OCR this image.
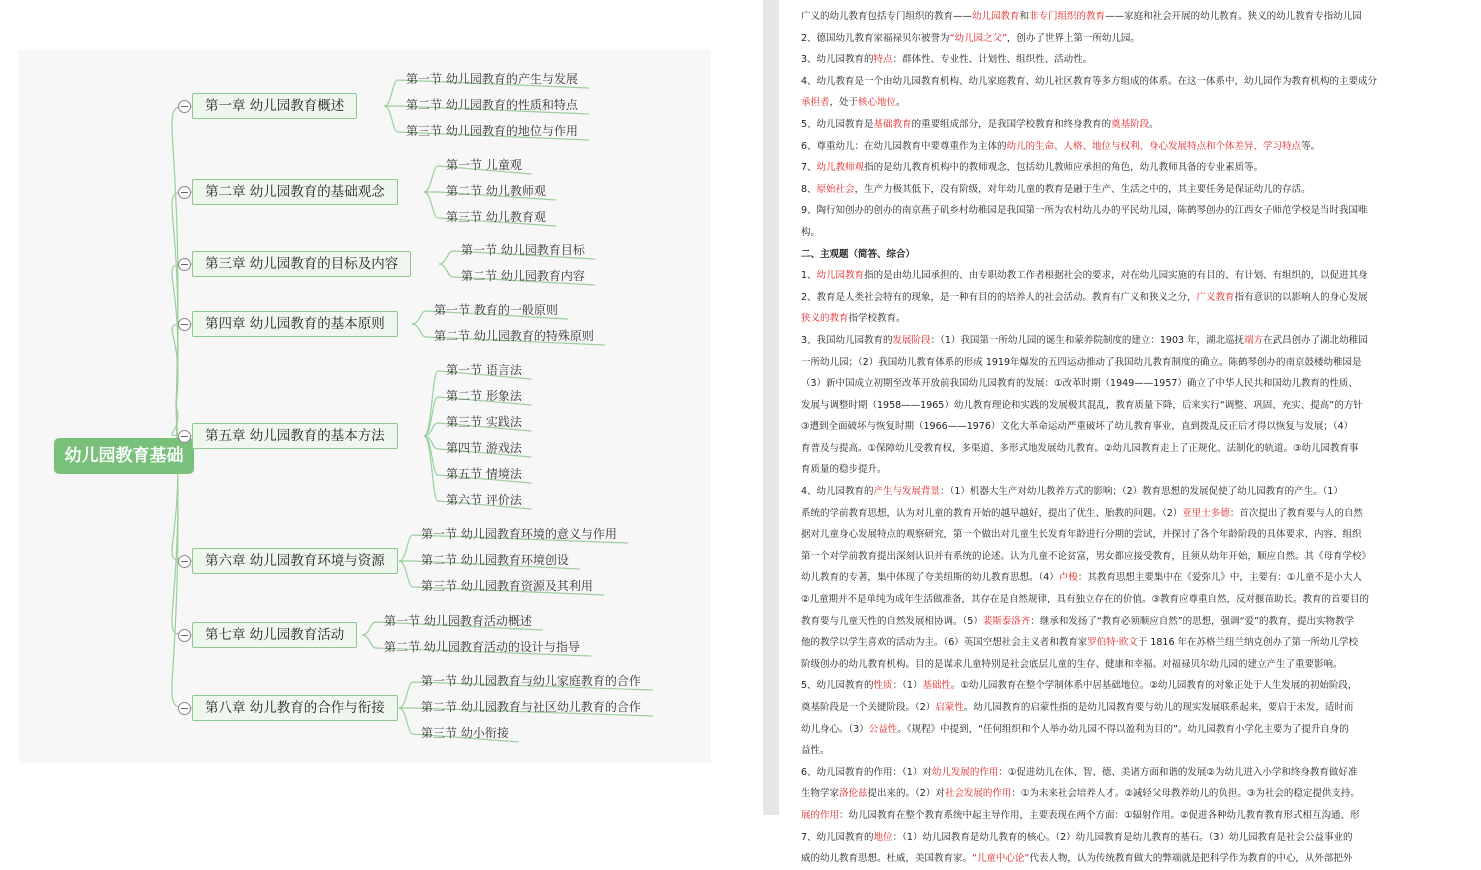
幼儿园教育基础
第一章 幼儿园教育概述
第一节 幼儿园教育的产生与发展
第二节 幼儿园教育的性质和特点
第三节 幼儿园教育的地位与作用
第二章 幼儿园教育的基础观念
第一节 儿童观
第二节 幼儿教师观
第三节 幼儿教育观
第三章 幼儿园教育的目标及内容
第一节 幼儿园教育目标
第二节 幼儿园教育内容
第四章 幼儿园教育的基本原则
第一节 教育的一般原则
第二节 幼儿园教育的特殊原则
第五章 幼儿园教育的基本方法
第一节 语言法
第二节 形象法
第三节 实践法
第四节 游戏法
第五节 情境法
第六节 评价法
第六章 幼儿园教育环境与资源
第一节 幼儿园教育环境的意义与作用
第二节 幼儿园教育环境创设
第三节 幼儿园教育资源及其利用
第七章 幼儿园教育活动
第一节 幼儿园教育活动概述
第二节 幼儿园教育活动的设计与指导
第八章 幼儿教育的合作与衔接
第一节 幼儿园教育与幼儿家庭教育的合作
第二节 幼儿园教育与社区幼儿教育的合作
第三节 幼小衔接

广义的幼儿教育包括专门组织的教育——幼儿园教育和非专门组织的教育——家庭和社会开展的幼儿教育。狭义的幼儿教育专指幼儿园

2、德国幼儿教育家福禄贝尔被誉为“幼儿园之父”，创办了世界上第一所幼儿园。

3、幼儿园教育的特点：群体性、专业性、计划性、组织性、活动性。

4、幼儿教育是一个由幼儿园教育机构、幼儿家庭教育、幼儿社区教育等多方组成的体系。在这一体系中，幼儿园作为教育机构的主要成分

承担者，处于核心地位。

5、幼儿园教育是基础教育的重要组成部分，是我国学校教育和终身教育的奠基阶段。

6、尊重幼儿：在幼儿园教育中要尊重作为主体的幼儿的生命、人格、地位与权利、身心发展特点和个体差异、学习特点等。

7、幼儿教师观指的是幼儿教育机构中的教师观念，包括幼儿教师应承担的角色，幼儿教师具备的专业素质等。

8、原始社会，生产力极其低下，没有阶级，对年幼儿童的教育是融于生产、生活之中的，其主要任务是保证幼儿的存活。

9、陶行知创办的创办的南京燕子矶乡村幼稚园是我国第一所为农村幼儿办的平民幼儿园，陈鹤琴创办的江西女子师范学校是当时我国唯

构。

二、主观题（简答、综合）

1、幼儿园教育指的是由幼儿园承担的、由专职幼教工作者根据社会的要求，对在幼儿园实施的有目的、有计划、有组织的，以促进其身

2、教育是人类社会特有的现象，是一种有目的的培养人的社会活动。教育有广义和狭义之分，广义教育指有意识的以影响人的身心发展

狭义的教育指学校教育。

3、我国幼儿园教育的发展阶段：（1）我国第一所幼儿园的诞生和蒙养院制度的建立：1903 年，湖北巡抚端方在武昌创办了湖北幼稚园

一所幼儿园；（2）我国幼儿教育体系的形成 1919年爆发的五四运动推动了我国幼儿教育制度的确立。陈鹤琴创办的南京鼓楼幼稚园是

（3）新中国成立初期至改革开放前我国幼儿园教育的发展：①改革时期（1949——1957）确立了中华人民共和国幼儿教育的性质、

发展与调整时期（1958——1965）幼儿教育理论和实践的发展极其混乱，教育质量下降，后来实行“调整、巩固、充实、提高”的方针

③遭到全面破坏与恢复时期（1966——1976）文化大革命运动严重破坏了幼儿教育事业，直到拨乱反正后才得以恢复与发展；（4）

育普及与提高。①保障幼儿受教育权，多渠道、多形式地发展幼儿教育。②幼儿园教育走上了正规化、法制化的轨道。③幼儿园教育事

育质量的稳步提升。

4、幼儿园教育的产生与发展背景：（1）机器大生产对幼儿教养方式的影响；（2）教育思想的发展促使了幼儿园教育的产生。（1）

系统的学前教育思想，认为对儿童的教育开始的越早越好，提出了优生、胎教的问题。（2）亚里士多德：首次提出了教育要与人的自然

据对儿童身心发展特点的观察研究，第一个做出对儿童生长发育年龄进行分期的尝试，并探讨了各个年龄阶段的具体要求、内容、组织

第一个对学前教育提出深刻认识并有系统的论述。认为儿童不论贫富，男女都应接受教育，且须从幼年开始，顺应自然。其《母育学校》

幼儿教育的专著，集中体现了夸美纽斯的幼儿教育思想。（4）卢梭：其教育思想主要集中在《爱弥儿》中，主要有：①儿童不是小大人

②儿童期并不是单纯为成年生活做准备，其存在是自然规律，具有独立存在的价值。③教育应尊重自然，反对揠苗助长。教育的首要目的

教育要与儿童天性的自然发展相协调。（5）裴斯泰洛齐：继承和发扬了“教育必须顺应自然”的思想，强调“爱”的教育，提出实物教学

他的教学以学生喜欢的活动为主。（6）英国空想社会主义者和教育家罗伯特·欧文于 1816 年在苏格兰纽兰纳克创办了第一所幼儿学校

阶级创办的幼儿教育机构。目的是谋求儿童特别是社会底层儿童的生存、健康和幸福。对福禄贝尔幼儿园的建立产生了重要影响。

5、幼儿园教育的性质：（1）基础性。①幼儿园教育在整个学制体系中居基础地位。②幼儿园教育的对象正处于人生发展的初始阶段，

奠基阶段是一个关键阶段。（2）启蒙性。幼儿园教育的启蒙性指的是幼儿园教育要与幼儿的现实发展联系起来，要启于未发，适时而

幼儿身心。（3）公益性。《规程》中提到，“任何组织和个人举办幼儿园不得以盈利为目的”。幼儿园教育小学化主要为了提升自身的

益性。

6、幼儿园教育的作用：（1）对幼儿发展的作用：①促进幼儿在体、智、德、美诸方面和谐的发展②为幼儿进入小学和终身教育做好准

生物学家洛伦兹提出来的。（2）对社会发展的作用：①为未来社会培养人才。②减轻父母教养幼儿的负担。③为社会的稳定提供支持。

展的作用：幼儿园教育在整个教育系统中起主导作用，主要表现在两个方面：①辐射作用。②促进各种幼儿教育教育形式相互沟通、形

7、幼儿园教育的地位：（1）幼儿园教育是幼儿教育的核心。（2）幼儿园教育是幼儿教育的基石。（3）幼儿园教育是社会公益事业的

威的幼儿教育思想。杜威，美国教育家。“儿童中心论”代表人物，认为传统教育做大的弊端就是把科学作为教育的中心，从外部把外
